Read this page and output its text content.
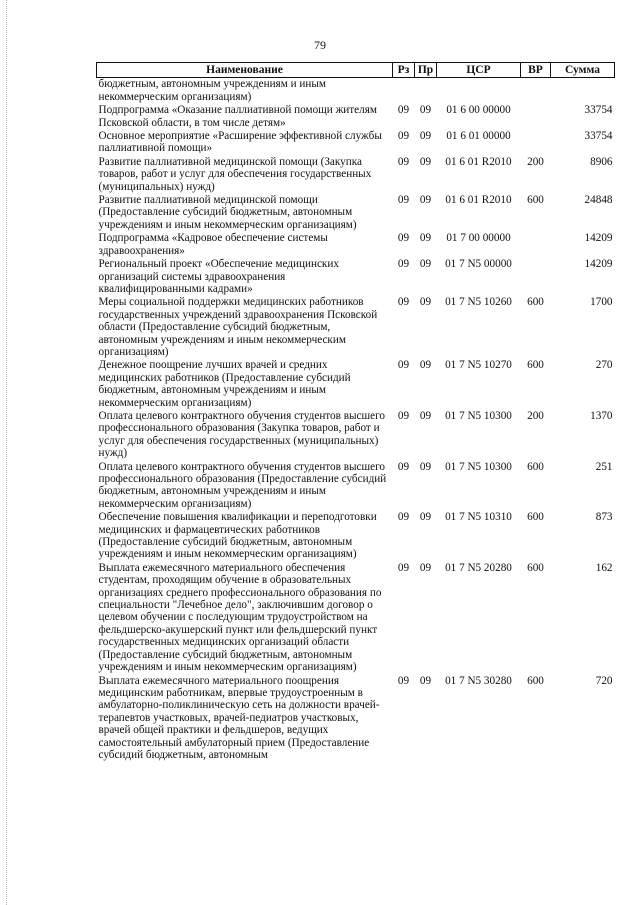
79
Наименование	Рз	Пр	ЦСР	ВР	Сумма
бюджетным, автономным учреждениям и иным некоммерческим организациям)					
Подпрограмма «Оказание паллиативной помощи жителям Псковской области, в том числе детям»	09	09	01 6 00 00000		33754
Основное мероприятие «Расширение эффективной службы паллиативной помощи»	09	09	01 6 01 00000		33754
Развитие паллиативной медицинской помощи (Закупка товаров, работ и услуг для обеспечения государственных (муниципальных) нужд)	09	09	01 6 01 R2010	200	8906
Развитие паллиативной медицинской помощи (Предоставление субсидий бюджетным, автономным учреждениям и иным некоммерческим организациям)	09	09	01 6 01 R2010	600	24848
Подпрограмма «Кадровое обеспечение системы здравоохранения»	09	09	01 7 00 00000		14209
Региональный проект «Обеспечение медицинских организаций системы здравоохранения квалифицированными кадрами»	09	09	01 7 N5 00000		14209
Меры социальной поддержки медицинских работников государственных учреждений здравоохранения Псковской области (Предоставление субсидий бюджетным, автономным учреждениям и иным некоммерческим организациям)	09	09	01 7 N5 10260	600	1700
Денежное поощрение лучших врачей и средних медицинских работников (Предоставление субсидий бюджетным, автономным учреждениям и иным некоммерческим организациям)	09	09	01 7 N5 10270	600	270
Оплата целевого контрактного обучения студентов высшего профессионального образования (Закупка товаров, работ и услуг для обеспечения государственных (муниципальных) нужд)	09	09	01 7 N5 10300	200	1370
Оплата целевого контрактного обучения студентов высшего профессионального образования (Предоставление субсидий бюджетным, автономным учреждениям и иным некоммерческим организациям)	09	09	01 7 N5 10300	600	251
Обеспечение повышения квалификации и переподготовки медицинских и фармацевтических работников (Предоставление субсидий бюджетным, автономным учреждениям и иным некоммерческим организациям)	09	09	01 7 N5 10310	600	873
Выплата ежемесячного материального обеспечения студентам, проходящим обучение в образовательных организациях среднего профессионального образования по специальности "Лечебное дело", заключившим договор о целевом обучении с последующим трудоустройством на фельдшерско-акушерский пункт или фельдшерский пункт государственных медицинских организаций области (Предоставление субсидий бюджетным, автономным учреждениям и иным некоммерческим организациям)	09	09	01 7 N5 20280	600	162
Выплата ежемесячного материального поощрения медицинским работникам, впервые трудоустроенным в амбулаторно-поликлиническую сеть на должности врачей-терапевтов участковых, врачей-педиатров участковых, врачей общей практики и фельдшеров, ведущих самостоятельный амбулаторный прием (Предоставление субсидий бюджетным, автономным	09	09	01 7 N5 30280	600	720
